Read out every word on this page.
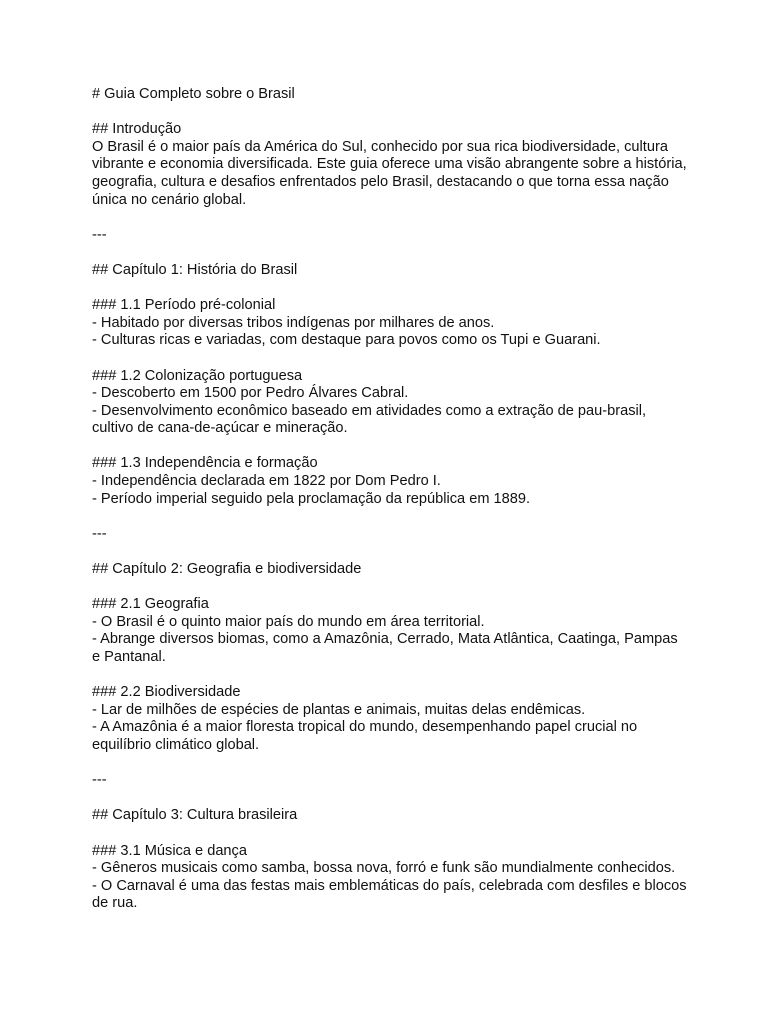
# Guia Completo sobre o Brasil
## Introdução
O Brasil é o maior país da América do Sul, conhecido por sua rica biodiversidade, cultura
vibrante e economia diversificada. Este guia oferece uma visão abrangente sobre a história,
geografia, cultura e desafios enfrentados pelo Brasil, destacando o que torna essa nação
única no cenário global.
---
## Capítulo 1: História do Brasil
### 1.1 Período pré-colonial
- Habitado por diversas tribos indígenas por milhares de anos.
- Culturas ricas e variadas, com destaque para povos como os Tupi e Guarani.
### 1.2 Colonização portuguesa
- Descoberto em 1500 por Pedro Álvares Cabral.
- Desenvolvimento econômico baseado em atividades como a extração de pau-brasil,
cultivo de cana-de-açúcar e mineração.
### 1.3 Independência e formação
- Independência declarada em 1822 por Dom Pedro I.
- Período imperial seguido pela proclamação da república em 1889.
---
## Capítulo 2: Geografia e biodiversidade
### 2.1 Geografia
- O Brasil é o quinto maior país do mundo em área territorial.
- Abrange diversos biomas, como a Amazônia, Cerrado, Mata Atlântica, Caatinga, Pampas
e Pantanal.
### 2.2 Biodiversidade
- Lar de milhões de espécies de plantas e animais, muitas delas endêmicas.
- A Amazônia é a maior floresta tropical do mundo, desempenhando papel crucial no
equilíbrio climático global.
---
## Capítulo 3: Cultura brasileira
### 3.1 Música e dança
- Gêneros musicais como samba, bossa nova, forró e funk são mundialmente conhecidos.
- O Carnaval é uma das festas mais emblemáticas do país, celebrada com desfiles e blocos
de rua.
